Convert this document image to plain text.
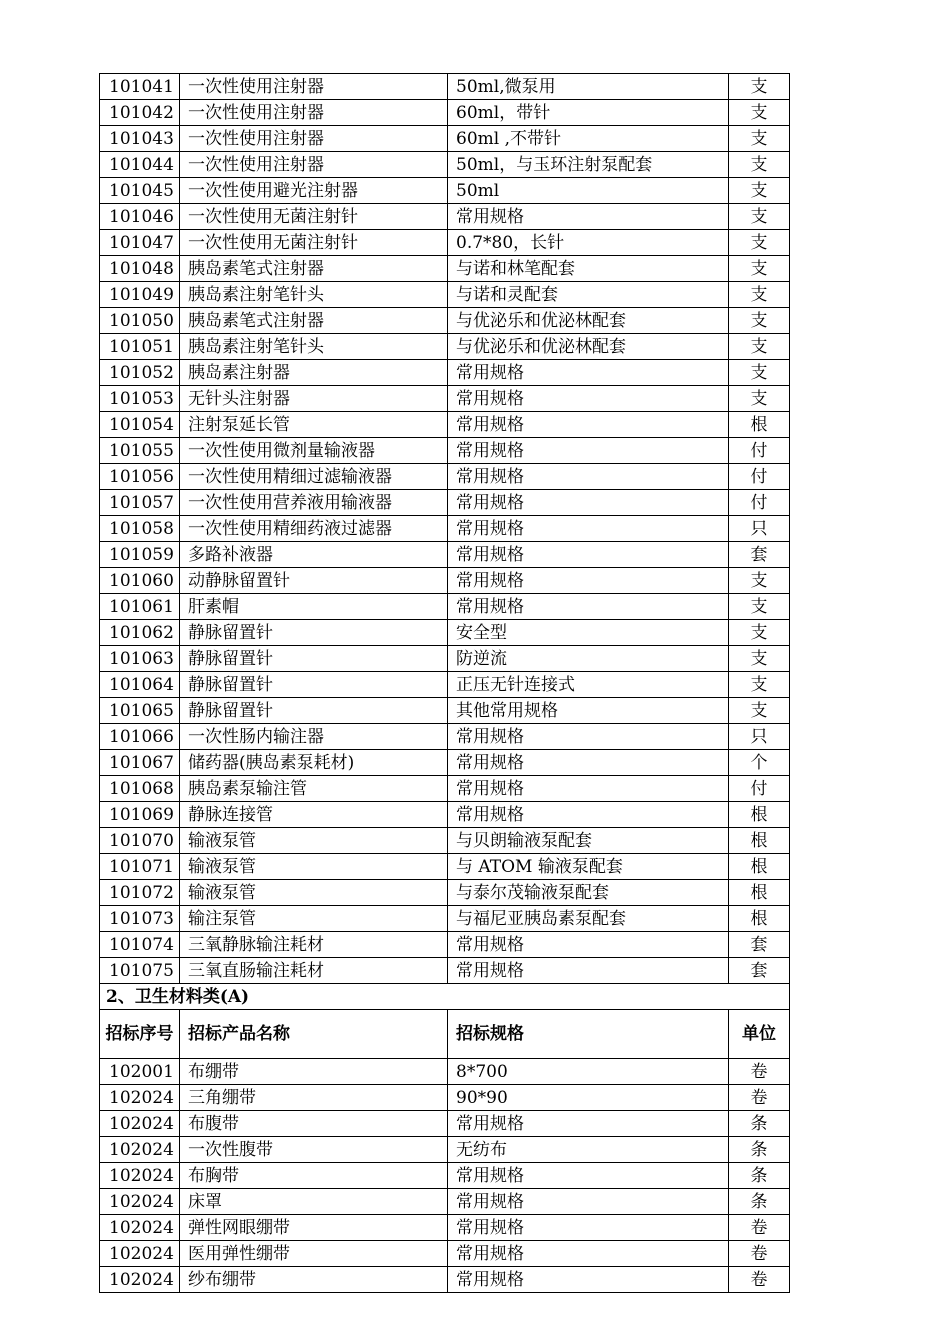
101041	一次性使用注射器	50ml,微泵用	支
101042	一次性使用注射器	60ml，带针	支
101043	一次性使用注射器	60ml ,不带针	支
101044	一次性使用注射器	50ml，与玉环注射泵配套	支
101045	一次性使用避光注射器	50ml	支
101046	一次性使用无菌注射针	常用规格	支
101047	一次性使用无菌注射针	0.7*80，长针	支
101048	胰岛素笔式注射器	与诺和林笔配套	支
101049	胰岛素注射笔针头	与诺和灵配套	支
101050	胰岛素笔式注射器	与优泌乐和优泌林配套	支
101051	胰岛素注射笔针头	与优泌乐和优泌林配套	支
101052	胰岛素注射器	常用规格	支
101053	无针头注射器	常用规格	支
101054	注射泵延长管	常用规格	根
101055	一次性使用微剂量输液器	常用规格	付
101056	一次性使用精细过滤输液器	常用规格	付
101057	一次性使用营养液用输液器	常用规格	付
101058	一次性使用精细药液过滤器	常用规格	只
101059	多路补液器	常用规格	套
101060	动静脉留置针	常用规格	支
101061	肝素帽	常用规格	支
101062	静脉留置针	安全型	支
101063	静脉留置针	防逆流	支
101064	静脉留置针	正压无针连接式	支
101065	静脉留置针	其他常用规格	支
101066	一次性肠内输注器	常用规格	只
101067	储药器(胰岛素泵耗材)	常用规格	个
101068	胰岛素泵输注管	常用规格	付
101069	静脉连接管	常用规格	根
101070	输液泵管	与贝朗输液泵配套	根
101071	输液泵管	与 ATOM 输液泵配套	根
101072	输液泵管	与泰尔茂输液泵配套	根
101073	输注泵管	与福尼亚胰岛素泵配套	根
101074	三氧静脉输注耗材	常用规格	套
101075	三氧直肠输注耗材	常用规格	套
2、卫生材料类(A)			
招标序号	招标产品名称	招标规格	单位
102001	布绷带	8*700	卷
102024	三角绷带	90*90	卷
102024	布腹带	常用规格	条
102024	一次性腹带	无纺布	条
102024	布胸带	常用规格	条
102024	床罩	常用规格	条
102024	弹性网眼绷带	常用规格	卷
102024	医用弹性绷带	常用规格	卷
102024	纱布绷带	常用规格	卷
